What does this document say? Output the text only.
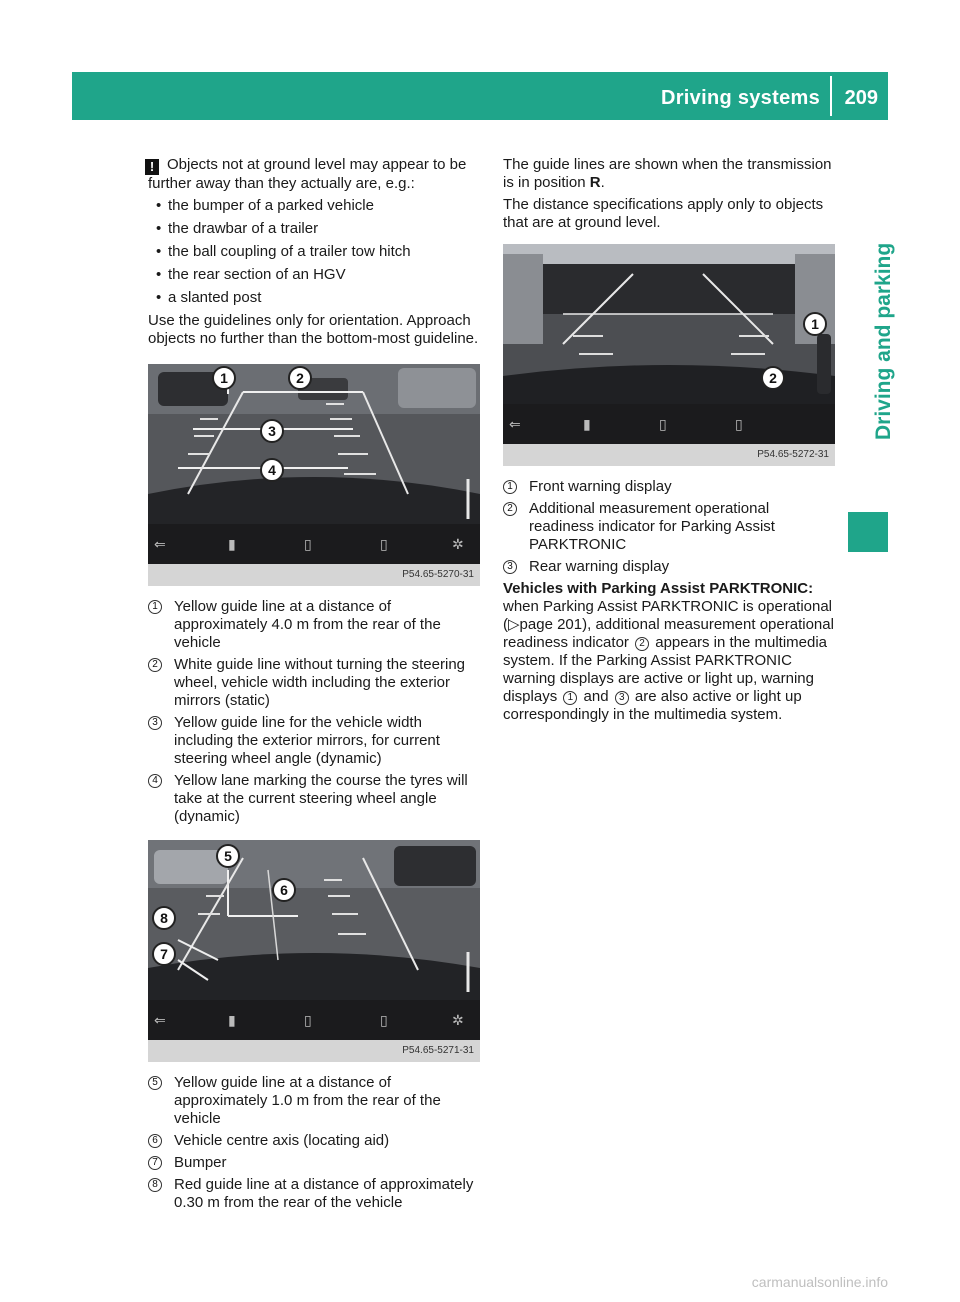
Driving systems 209
Driving and parking

! Objects not at ground level may appear to be further away than they actually are, e.g.:

• the bumper of a parked vehicle
• the drawbar of a trailer
• the ball coupling of a trailer tow hitch
• the rear section of an HGV
• a slanted post

Use the guidelines only for orientation. Approach objects no further than the bottom-most guideline.

1	2
3
4
⇐	▮	▯	▯	✲
P54.65-5270-31
1 Yellow guide line at a distance of approximately 4.0 m from the rear of the vehicle
2 White guide line without turning the steering wheel, vehicle width including the exterior mirrors (static)
3 Yellow guide line for the vehicle width including the exterior mirrors, for current steering wheel angle (dynamic)
4 Yellow lane marking the course the tyres will take at the current steering wheel angle (dynamic)
5
6
8
7
⇐	▮	▯	▯	✲
P54.65-5271-31
5 Yellow guide line at a distance of approximately 1.0 m from the rear of the vehicle
6 Vehicle centre axis (locating aid)
7 Bumper
8 Red guide line at a distance of approximately 0.30 m from the rear of the vehicle

The guide lines are shown when the transmission is in position R.

The distance specifications apply only to objects that are at ground level.

1
2
⇐	▮	▯	▯
P54.65-5272-31
1 Front warning display
2 Additional measurement operational readiness indicator for Parking Assist PARKTRONIC
3 Rear warning display

Vehicles with Parking Assist PARKTRONIC: when Parking Assist PARKTRONIC is operational (▷page 201), additional measurement operational readiness indicator 2 appears in the multimedia system. If the Parking Assist PARKTRONIC warning displays are active or light up, warning displays 1 and 3 are also active or light up correspondingly in the multimedia system.

carmanualsonline.info
